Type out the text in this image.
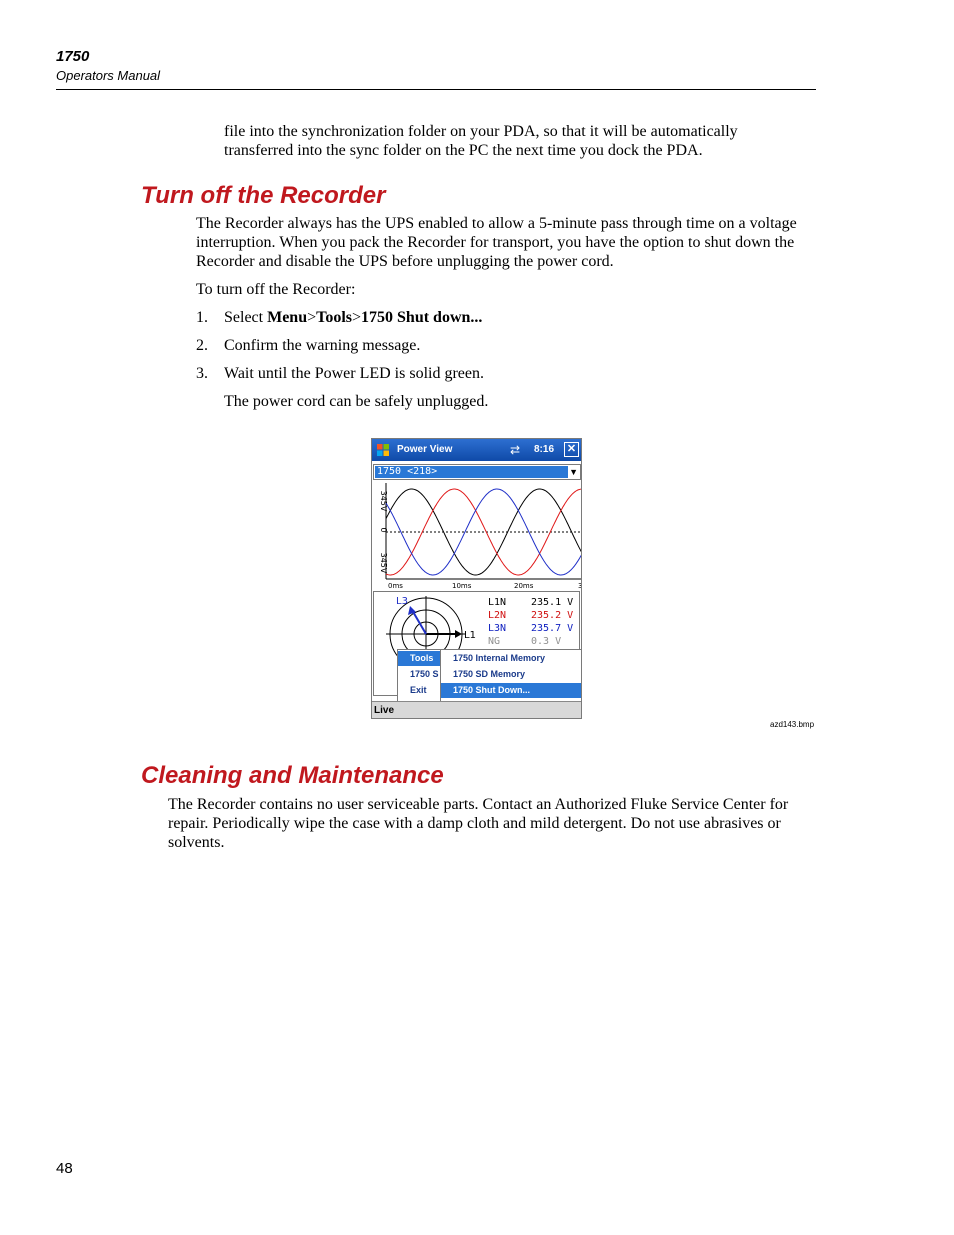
1750
Operators Manual

file into the synchronization folder on your PDA, so that it will be automatically transferred into the sync folder on the PC the next time you dock the PDA.

Turn off the Recorder

The Recorder always has the UPS enabled to allow a 5-minute pass through time on a voltage interruption. When you pack the Recorder for transport, you have the option to shut down the Recorder and disable the UPS before unplugging the power cord.

To turn off the Recorder:

1. Select Menu>Tools>1750 Shut down...
2. Confirm the warning message.
3. Wait until the Power LED is solid green.

The power cord can be safely unplugged.

Power View	⇄ 8:16 ✕
1750 <218>	▼
345V
0
345V
0ms	10ms	20ms	3
L3
L1
L1N 235.1 V
L2N 235.2 V
L3N 235.7 V
NG	0.3 V
Tools
1750 S
Exit
1750 Internal Memory
1750 SD Memory
1750 Shut Down...
Live
azd143.bmp
Cleaning and Maintenance

The Recorder contains no user serviceable parts. Contact an Authorized Fluke Service Center for repair. Periodically wipe the case with a damp cloth and mild detergent. Do not use abrasives or solvents.

48
